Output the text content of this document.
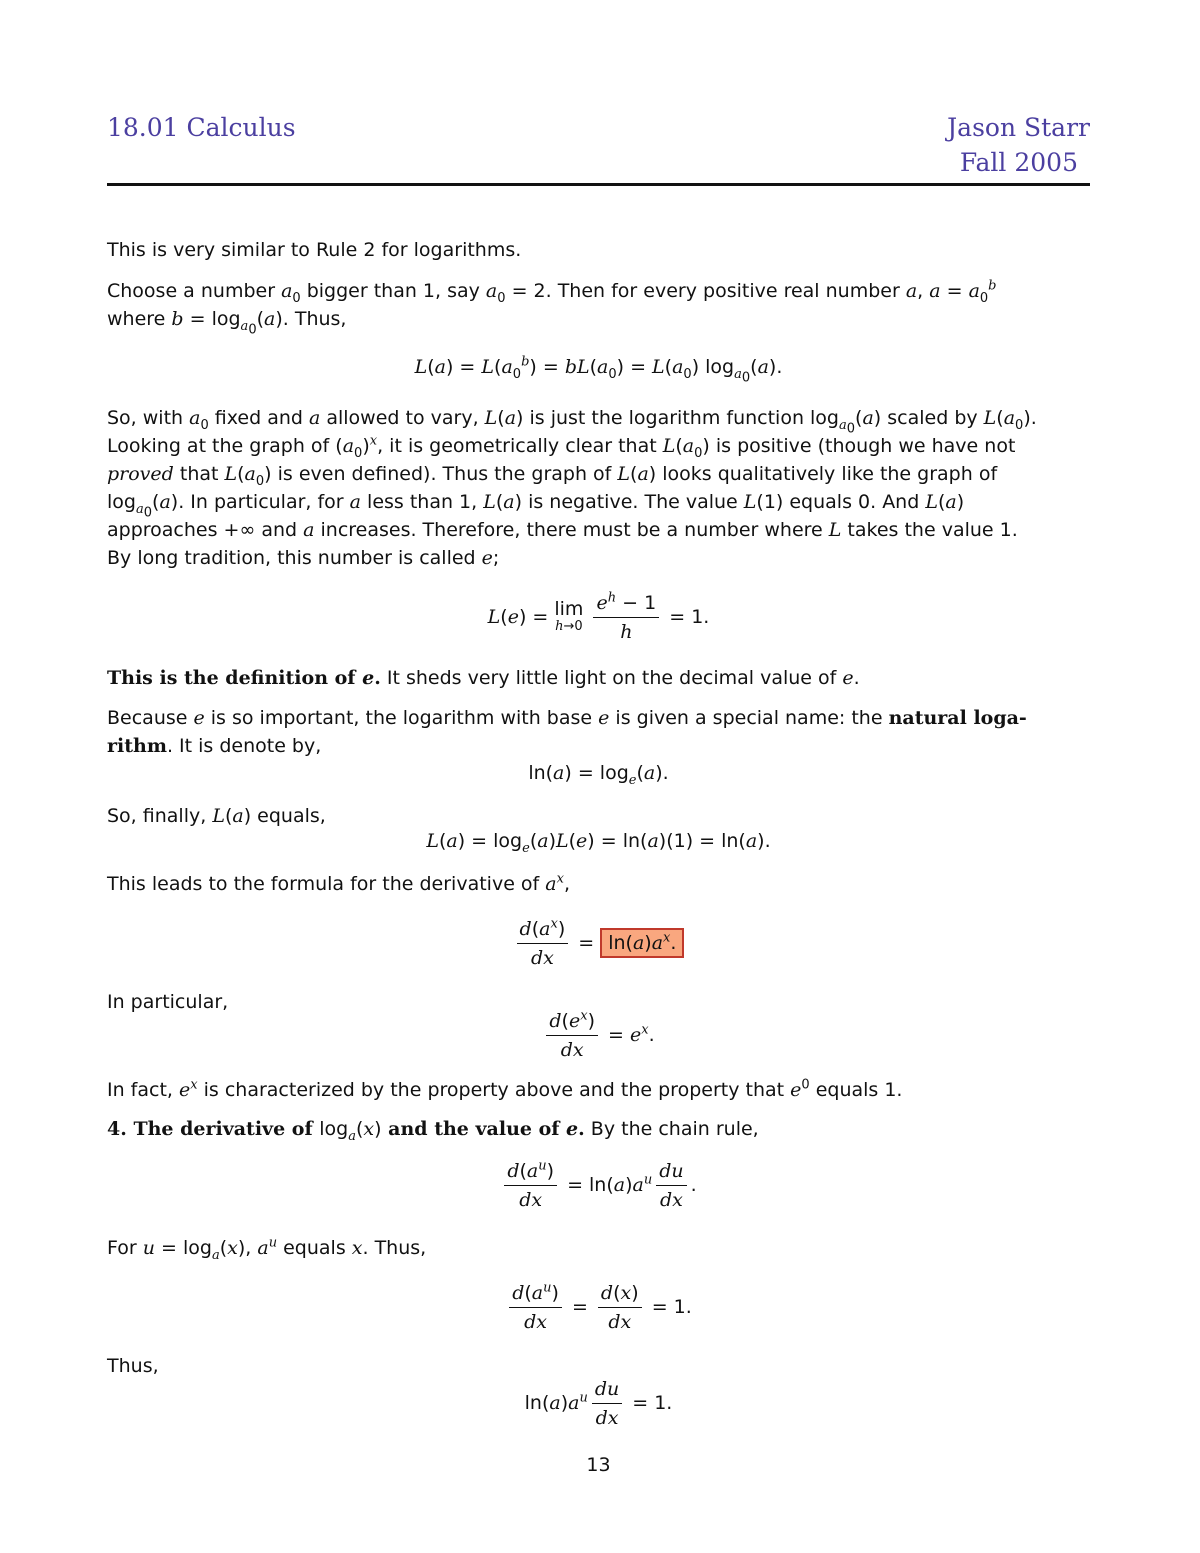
18.01 Calculus	Jason Starr
Fall 2005
This is very similar to Rule 2 for logarithms.
Choose a number $a_0$ bigger than 1, say $a_0 = 2$. Then for every positive real number a, $a = a_0^b$
where $b = \log_{a_0}(a)$. Thus,
$L(a) = L(a_0^b) = bL(a_0) = L(a_0)$ $\log_{a_0}(a)$.
So, with $a_0$ fixed and a allowed to vary, L(a) is just the logarithm function $\log_{a_0}(a)$ scaled by $L(a_0)$.
Looking at the graph of $(a_0)^x$, it is geometrically clear that $L(a_0)$ is positive (though we have not
proved that $L(a_0)$ is even defined). Thus the graph of L(a) looks qualitatively like the graph of
$\log_{a_0}(a)$. In particular, for a less than 1, L(a) is negative. The value L(1) equals 0. And L(a)
approaches +∞ and a increases. Therefore, there must be a number where L takes the value 1.
By long tradition, this number is called e;
L(e) = lim
h→0
$\frac{e^h - 1}{h} = 1$.
This is the definition of e. It sheds very little light on the decimal value of e.
Because e is so important, the logarithm with base e is given a special name: the natural loga-
rithm. It is denote by,
$\ln(a) = \log_e(a)$.
So, finally, L(a) equals,
$L(a) = \log_e(a)L(e) = \ln(a)(1) = \ln(a)$.
This leads to the formula for the derivative of $a^x$,
$\frac{d(a^x)}{dx} = \ln(a)a^x$.
In particular,
$\frac{d(e^x)}{dx} = e^x$.
In fact, $e^x$ is characterized by the property above and the property that $e^0$ equals 1.
4. The derivative of $\log_a(x)$ and the value of e. By the chain rule,
$\frac{d(a^u)}{dx} = \ln(a)a^u \frac{du}{dx}$ .
For $u = \log_a(x)$, $a^u$ equals x. Thus,
$\frac{d(a^u)}{dx} = \frac{d(x)}{dx} = 1$.
Thus,
$\ln(a)a^u \frac{du}{dx} = 1$.
13
